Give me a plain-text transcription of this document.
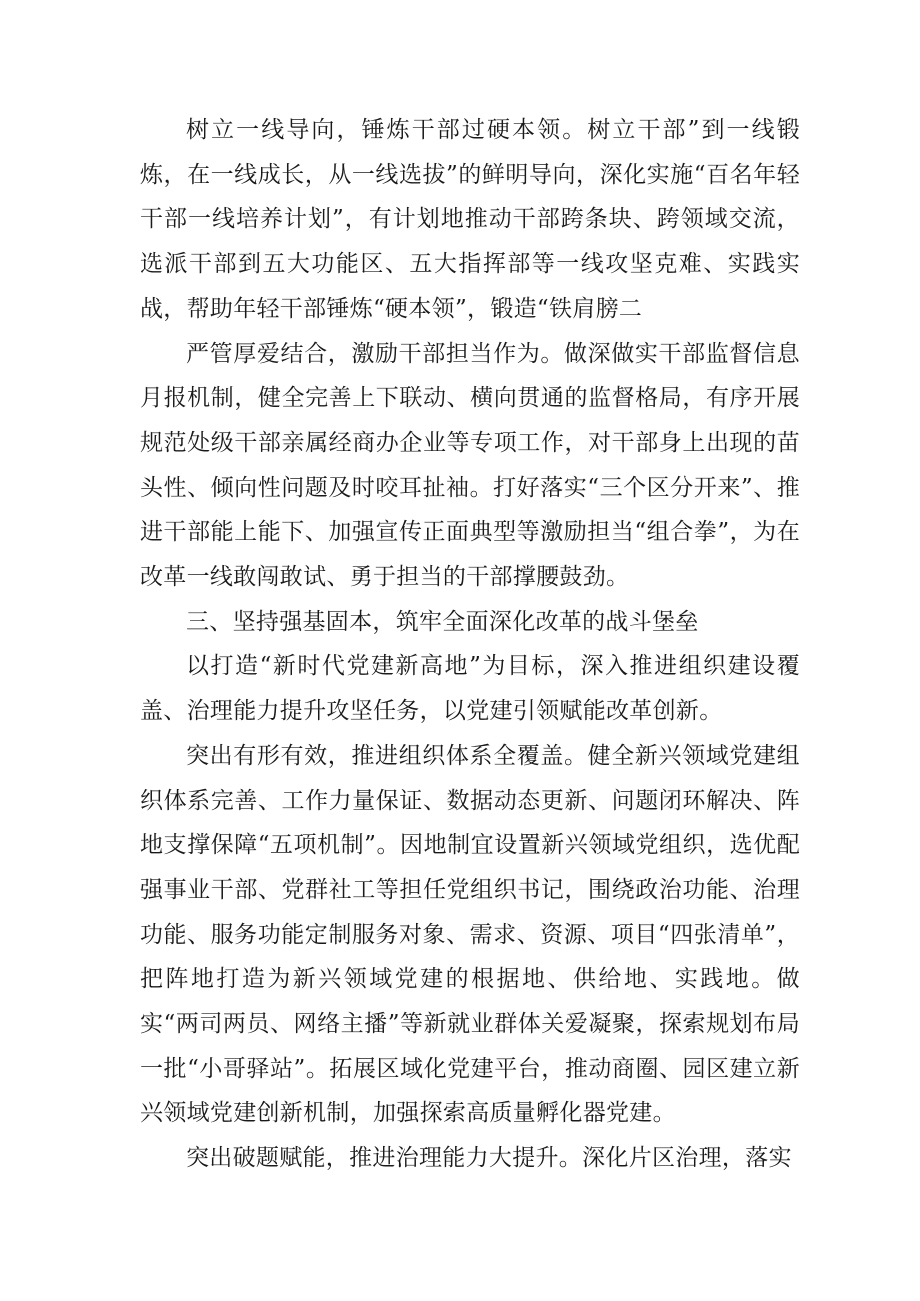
树立一线导向，锤炼干部过硬本领。树立干部”到一线锻炼，在一线成长，从一线选拔”的鲜明导向，深化实施“百名年轻干部一线培养计划”，有计划地推动干部跨条块、跨领域交流，选派干部到五大功能区、五大指挥部等一线攻坚克难、实践实战，帮助年轻干部锤炼“硬本领”，锻造“铁肩膀二

严管厚爱结合，激励干部担当作为。做深做实干部监督信息月报机制，健全完善上下联动、横向贯通的监督格局，有序开展规范处级干部亲属经商办企业等专项工作，对干部身上出现的苗头性、倾向性问题及时咬耳扯袖。打好落实“三个区分开来”、推进干部能上能下、加强宣传正面典型等激励担当“组合拳”，为在改革一线敢闯敢试、勇于担当的干部撑腰鼓劲。

三、坚持强基固本，筑牢全面深化改革的战斗堡垒

以打造“新时代党建新高地”为目标，深入推进组织建设覆盖、治理能力提升攻坚任务，以党建引领赋能改革创新。

突出有形有效，推进组织体系全覆盖。健全新兴领域党建组织体系完善、工作力量保证、数据动态更新、问题闭环解决、阵地支撑保障“五项机制”。因地制宜设置新兴领域党组织，选优配强事业干部、党群社工等担任党组织书记，围绕政治功能、治理功能、服务功能定制服务对象、需求、资源、项目“四张清单”，把阵地打造为新兴领域党建的根据地、供给地、实践地。做实“两司两员、网络主播”等新就业群体关爱凝聚，探索规划布局一批“小哥驿站”。拓展区域化党建平台，推动商圈、园区建立新兴领域党建创新机制，加强探索高质量孵化器党建。

突出破题赋能，推进治理能力大提升。深化片区治理，落实
